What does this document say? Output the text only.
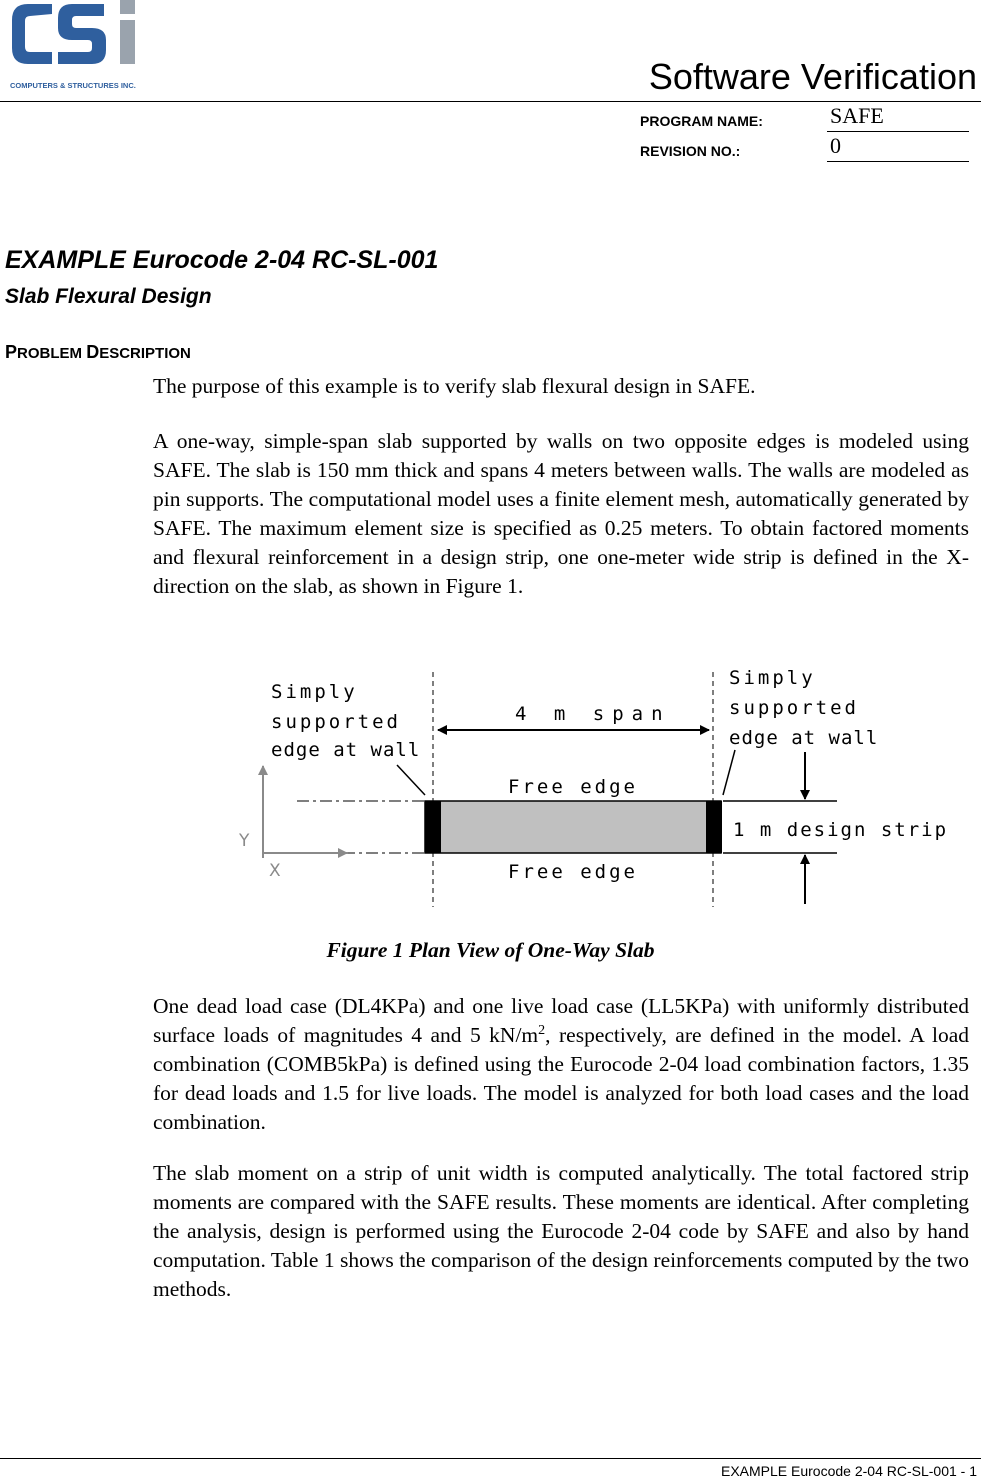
COMPUTERS & STRUCTURES INC.	Software Verification
PROGRAM NAME:	SAFE
REVISION NO.:	0
EXAMPLE Eurocode 2-04 RC-SL-001
Slab Flexural Design
PROBLEM DESCRIPTION
The purpose of this example is to verify slab flexural design in SAFE.
A one-way, simple-span slab supported by walls on two opposite edges is modeled using SAFE. The slab is 150 mm thick and spans 4 meters between walls. The walls are modeled as pin supports. The computational model uses a finite element mesh, automatically generated by SAFE. The maximum element size is specified as 0.25 meters. To obtain factored moments and flexural reinforcement in a design strip, one one-meter wide strip is defined in the X-direction on the slab, as shown in Figure 1.
Y
X
Simply
supported
edge at wall
Simply
supported
edge at wall
4 m span
Free edge
Free edge
1 m design strip
Figure 1 Plan View of One-Way Slab
One dead load case (DL4KPa) and one live load case (LL5KPa) with uniformly distributed surface loads of magnitudes 4 and 5 $kN/m^2$, respectively, are defined in the model. A load combination (COMB5kPa) is defined using the Eurocode 2-04 load combination factors, 1.35 for dead loads and 1.5 for live loads. The model is analyzed for both load cases and the load combination.
The slab moment on a strip of unit width is computed analytically. The total factored strip moments are compared with the SAFE results. These moments are identical. After completing the analysis, design is performed using the Eurocode 2-04 code by SAFE and also by hand computation. Table 1 shows the comparison of the design reinforcements computed by the two methods.
EXAMPLE Eurocode 2-04 RC-SL-001 - 1
